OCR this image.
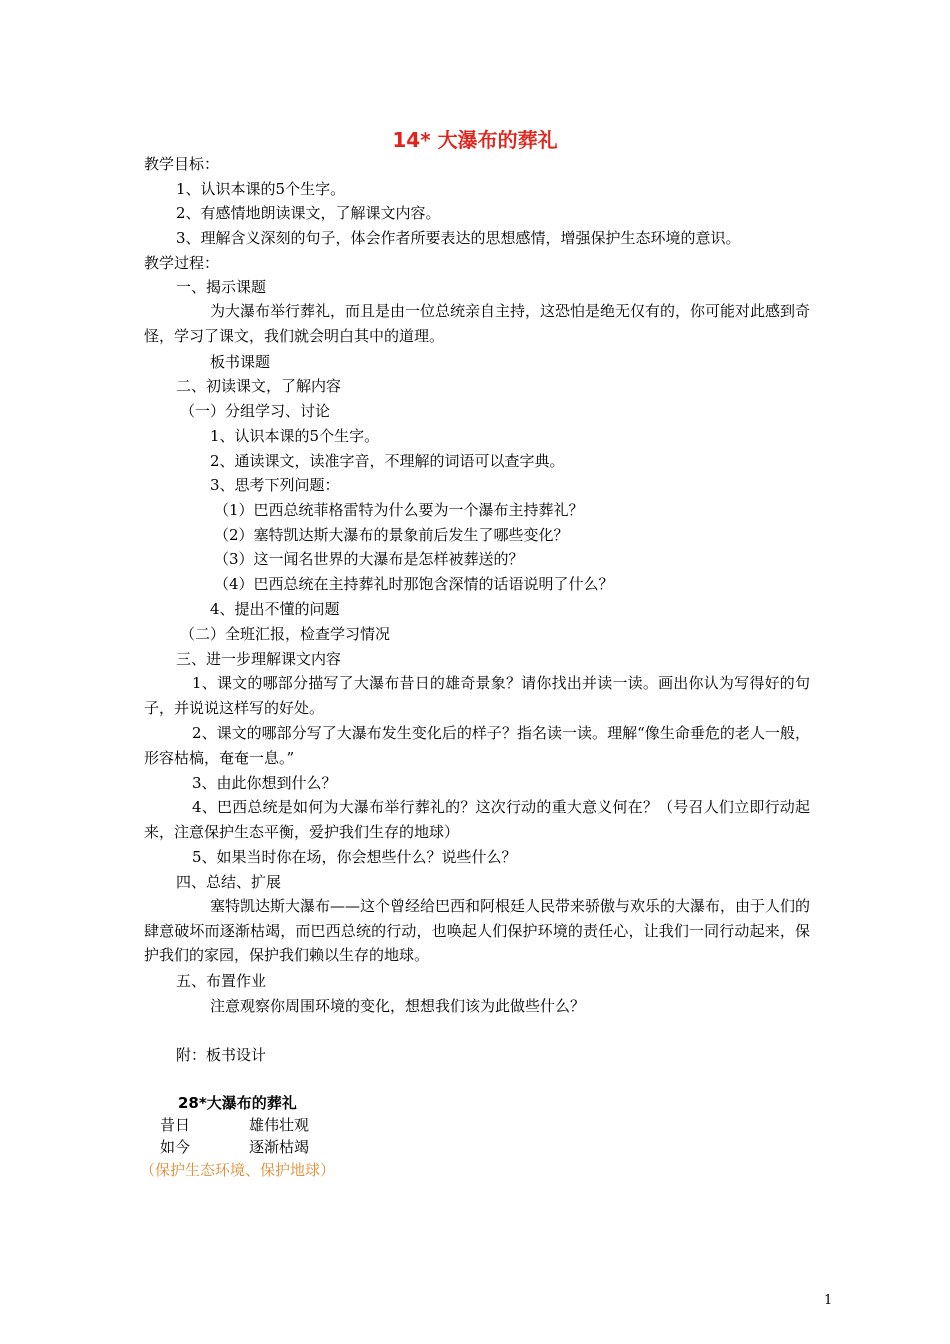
14* 大瀑布的葬礼
教学目标：
1、认识本课的5个生字。
2、有感情地朗读课文，了解课文内容。
3、理解含义深刻的句子，体会作者所要表达的思想感情，增强保护生态环境的意识。
教学过程：
一、揭示课题
为大瀑布举行葬礼，而且是由一位总统亲自主持，这恐怕是绝无仅有的，你可能对此感到奇怪，学习了课文，我们就会明白其中的道理。
板书课题
二、初读课文，了解内容
（一）分组学习、讨论
1、认识本课的5个生字。
2、通读课文，读准字音，不理解的词语可以查字典。
3、思考下列问题：
（1）巴西总统菲格雷特为什么要为一个瀑布主持葬礼？
（2）塞特凯达斯大瀑布的景象前后发生了哪些变化？
（3）这一闻名世界的大瀑布是怎样被葬送的？
（4）巴西总统在主持葬礼时那饱含深情的话语说明了什么？
4、提出不懂的问题
（二）全班汇报，检查学习情况
三、进一步理解课文内容
1、课文的哪部分描写了大瀑布昔日的雄奇景象？请你找出并读一读。画出你认为写得好的句子，并说说这样写的好处。
2、课文的哪部分写了大瀑布发生变化后的样子？指名读一读。理解“像生命垂危的老人一般，形容枯槁，奄奄一息。”
3、由此你想到什么？
4、巴西总统是如何为大瀑布举行葬礼的？这次行动的重大意义何在？（号召人们立即行动起来，注意保护生态平衡，爱护我们生存的地球）
5、如果当时你在场，你会想些什么？说些什么？
四、总结、扩展
塞特凯达斯大瀑布——这个曾经给巴西和阿根廷人民带来骄傲与欢乐的大瀑布，由于人们的肆意破坏而逐渐枯竭，而巴西总统的行动，也唤起人们保护环境的责任心，让我们一同行动起来，保护我们的家园，保护我们赖以生存的地球。
五、布置作业
注意观察你周围环境的变化，想想我们该为此做些什么？
附：板书设计
28*大瀑布的葬礼
昔日	雄伟壮观
如今	逐渐枯竭
（保护生态环境、保护地球）
1
